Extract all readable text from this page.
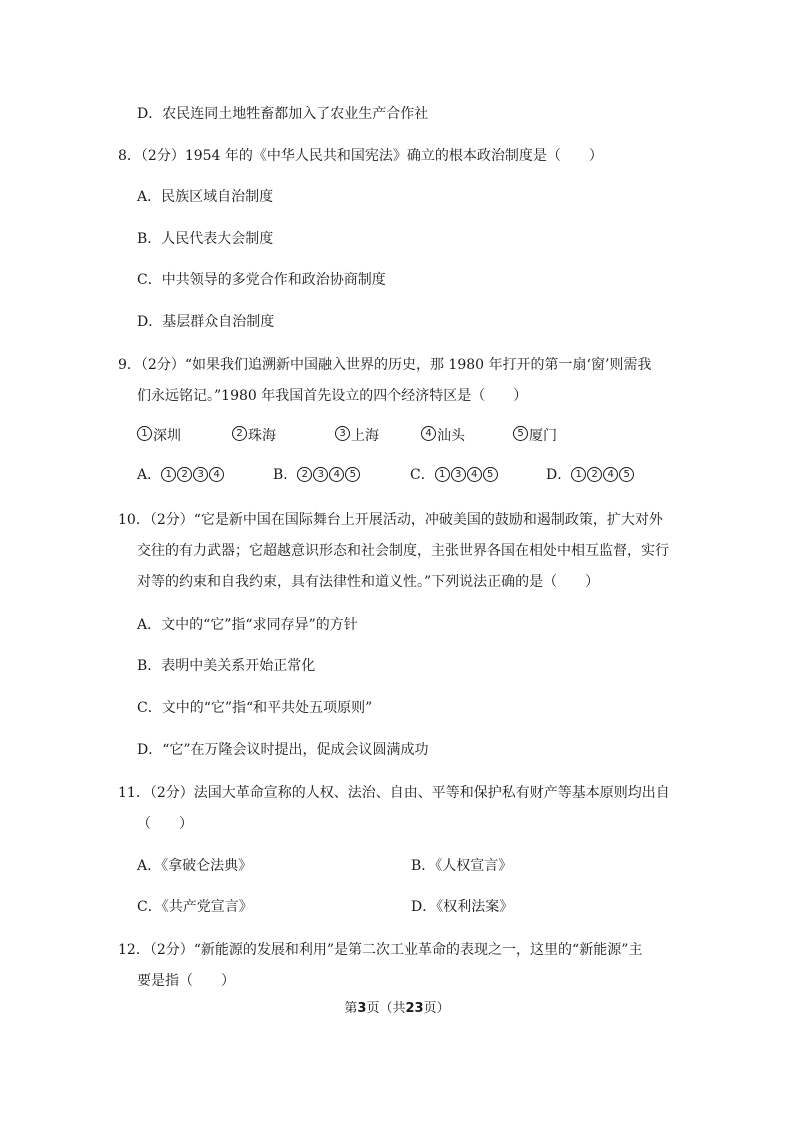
D．农民连同土地牲畜都加入了农业生产合作社
8．（2分）1954 年的《中华人民共和国宪法》确立的根本政治制度是（　　）
A．民族区域自治制度
B．人民代表大会制度
C．中共领导的多党合作和政治协商制度
D．基层群众自治制度
9．（2分）“如果我们追溯新中国融入世界的历史，那 1980 年打开的第一扇‘窗’则需我
们永远铭记。”1980 年我国首先设立的四个经济特区是（　　）
1 深圳	2 珠海	3 上海	4 汕头	5 厦门
A． 1 2 3 4	B． 2 3 4 5	C． 1 3 4 5	D． 1 2 4 5
10．（2分）“它是新中国在国际舞台上开展活动，冲破美国的鼓励和遏制政策，扩大对外
交往的有力武器；它超越意识形态和社会制度，主张世界各国在相处中相互监督，实行
对等的约束和自我约束，具有法律性和道义性。”下列说法正确的是（　　）
A．文中的“它”指“求同存异”的方针
B．表明中美关系开始正常化
C．文中的“它”指“和平共处五项原则”
D．“它”在万隆会议时提出，促成会议圆满成功
11．（2分）法国大革命宣称的人权、法治、自由、平等和保护私有财产等基本原则均出自
（　　）
A．《拿破仑法典》	B．《人权宣言》
C．《共产党宣言》	D．《权利法案》
12．（2分）“新能源的发展和利用”是第二次工业革命的表现之一，这里的“新能源”主
要是指（　　）
第3页（共23页）
